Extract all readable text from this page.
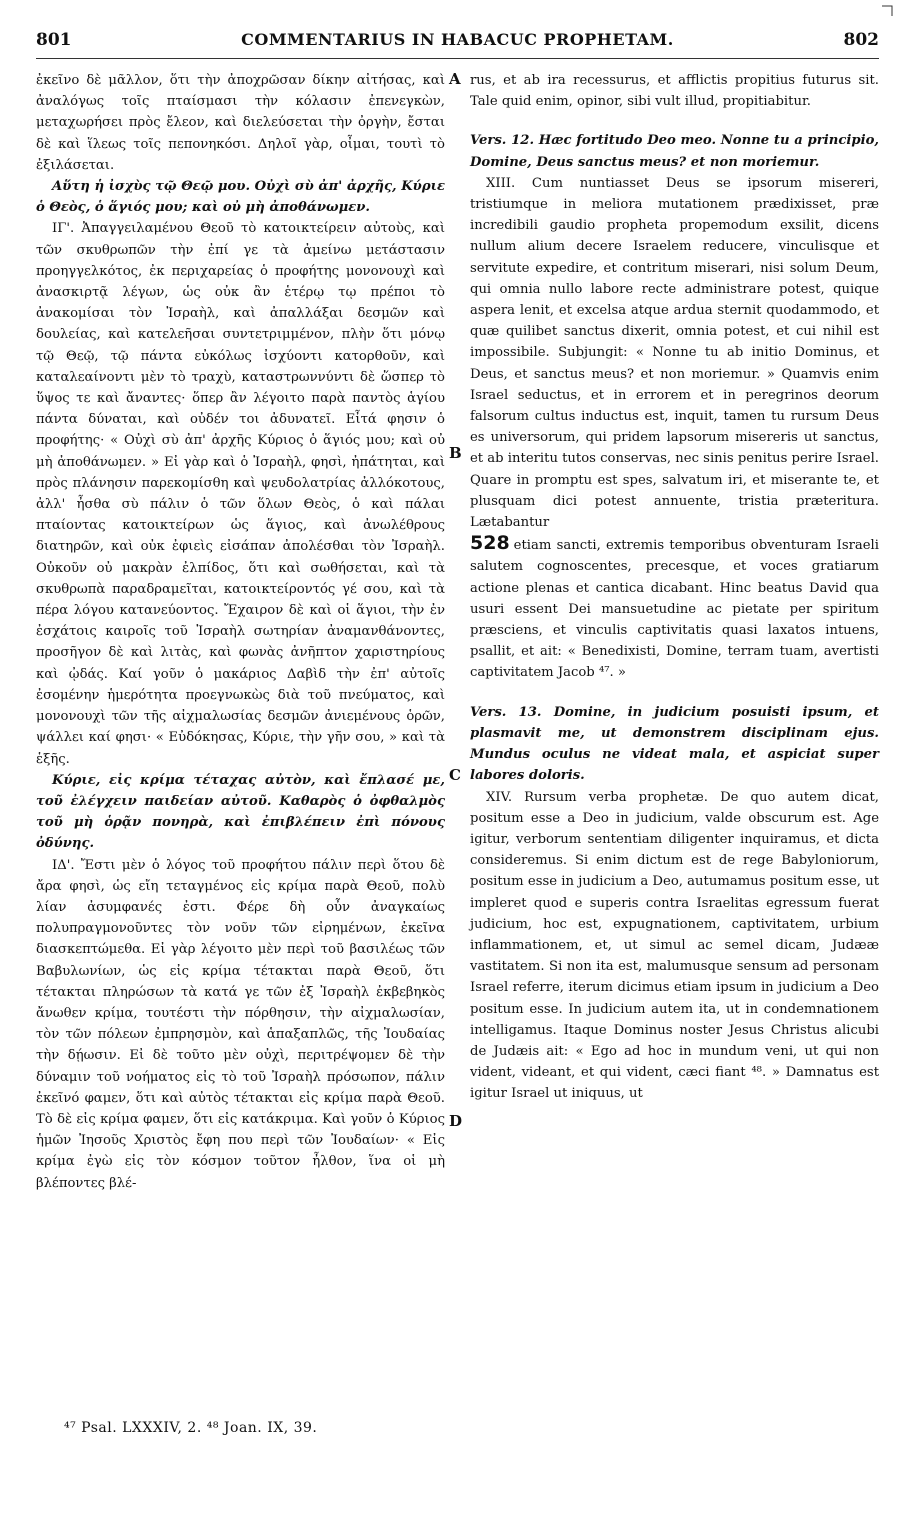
801	COMMENTARIUS IN HABACUC PROPHETAM.	802

ἐκεῖνο δὲ μᾶλλον, ὅτι τὴν ἀποχρῶσαν δίκην αἰτήσας, καὶ ἀναλόγως τοῖς πταίσμασι τὴν κόλασιν ἐπενεγκὼν, μεταχωρήσει πρὸς ἔλεον, καὶ διελεύσεται τὴν ὀργὴν, ἔσται δὲ καὶ ἵλεως τοῖς πεπονηκόσι. Δηλοῖ γὰρ, οἶμαι, τουτὶ τὸ ἐξιλάσεται.

Αὕτη ἡ ἰσχὺς τῷ Θεῷ μου. Οὐχὶ σὺ ἀπ' ἀρχῆς, Κύριε ὁ Θεὸς, ὁ ἅγιός μου; καὶ οὐ μὴ ἀποθάνωμεν.

ΙΓ'. Ἀπαγγειλαμένου Θεοῦ τὸ κατοικτείρειν αὐτοὺς, καὶ τῶν σκυθρωπῶν τὴν ἐπί γε τὰ ἀμείνω μετάστασιν προηγγελκότος, ἐκ περιχαρείας ὁ προφήτης μονονουχὶ καὶ ἀνασκιρτᾷ λέγων, ὡς οὐκ ἂν ἑτέρῳ τῳ πρέποι τὸ ἀνακομίσαι τὸν Ἰσραὴλ, καὶ ἀπαλλάξαι δεσμῶν καὶ δουλείας, καὶ κατελεῆσαι συντετριμμένον, πλὴν ὅτι μόνῳ τῷ Θεῷ, τῷ πάντα εὐκόλως ἰσχύοντι κατορθοῦν, καὶ καταλεαίνοντι μὲν τὸ τραχὺ, καταστρωννύντι δὲ ὥσπερ τὸ ὕψος τε καὶ ἄναντες· ὅπερ ἂν λέγοιτο παρὰ παντὸς ἁγίου πάντα δύναται, καὶ οὐδέν τοι ἀδυνατεῖ. Εἶτά φησιν ὁ προφήτης· « Οὐχὶ σὺ ἀπ' ἀρχῆς Κύριος ὁ ἅγιός μου; καὶ οὐ μὴ ἀποθάνωμεν. » Εἰ γὰρ καὶ ὁ Ἰσραὴλ, φησὶ, ἠπάτηται, καὶ πρὸς πλάνησιν παρεκομίσθη καὶ ψευδολατρίας ἀλλόκοτους, ἀλλ' ἦσθα σὺ πάλιν ὁ τῶν ὅλων Θεὸς, ὁ καὶ πάλαι πταίοντας κατοικτείρων ὡς ἅγιος, καὶ ἀνωλέθρους διατηρῶν, καὶ οὐκ ἐφιεὶς εἰσάπαν ἀπολέσθαι τὸν Ἰσραὴλ. Οὐκοῦν οὐ μακρὰν ἐλπίδος, ὅτι καὶ σωθήσεται, καὶ τὰ σκυθρωπὰ παραδραμεῖται, κατοικτείροντός γέ σου, καὶ τὰ πέρα λόγου κατανεύοντος. Ἔχαιρον δὲ καὶ οἱ ἅγιοι, τὴν ἐν ἐσχάτοις καιροῖς τοῦ Ἰσραὴλ σωτηρίαν ἀναμανθάνοντες, προσῆγον δὲ καὶ λιτὰς, καὶ φωνὰς ἀνῆπτον χαριστηρίους καὶ ᾠδάς. Καί γοῦν ὁ μακάριος Δαβὶδ τὴν ἐπ' αὐτοῖς ἐσομένην ἡμερότητα προεγνωκὼς διὰ τοῦ πνεύματος, καὶ μονονουχὶ τῶν τῆς αἰχμαλωσίας δεσμῶν ἀνιεμένους ὁρῶν, ψάλλει καί φησι· « Εὐδόκησας, Κύριε, τὴν γῆν σου, » καὶ τὰ ἑξῆς.

Κύριε, εἰς κρίμα τέταχας αὐτὸν, καὶ ἔπλασέ με, τοῦ ἐλέγχειν παιδείαν αὐτοῦ. Καθαρὸς ὁ ὀφθαλμὸς τοῦ μὴ ὁρᾷν πονηρὰ, καὶ ἐπιβλέπειν ἐπὶ πόνους ὀδύνης.

ΙΔ'. Ἔστι μὲν ὁ λόγος τοῦ προφήτου πάλιν περὶ ὅτου δὲ ἄρα φησὶ, ὡς εἴη τεταγμένος εἰς κρίμα παρὰ Θεοῦ, πολὺ λίαν ἀσυμφανές ἐστι. Φέρε δὴ οὖν ἀναγκαίως πολυπραγμονοῦντες τὸν νοῦν τῶν εἰρημένων, ἐκεῖνα διασκεπτώμεθα. Εἰ γὰρ λέγοιτο μὲν περὶ τοῦ βασιλέως τῶν Βαβυλωνίων, ὡς εἰς κρίμα τέτακται παρὰ Θεοῦ, ὅτι τέτακται πληρώσων τὰ κατά γε τῶν ἐξ Ἰσραὴλ ἐκβεβηκὸς ἄνωθεν κρίμα, τουτέστι τὴν πόρθησιν, τὴν αἰχμαλωσίαν, τὸν τῶν πόλεων ἐμπρησμὸν, καὶ ἁπαξαπλῶς, τῆς Ἰουδαίας τὴν δῄωσιν. Εἰ δὲ τοῦτο μὲν οὐχὶ, περιτρέψομεν δὲ τὴν δύναμιν τοῦ νοήματος εἰς τὸ τοῦ Ἰσραὴλ πρόσωπον, πάλιν ἐκεῖνό φαμεν, ὅτι καὶ αὐτὸς τέτακται εἰς κρίμα παρὰ Θεοῦ. Τὸ δὲ εἰς κρίμα φαμεν, ὅτι εἰς κατάκριμα. Καὶ γοῦν ὁ Κύριος ἡμῶν Ἰησοῦς Χριστὸς ἔφη που περὶ τῶν Ἰουδαίων· « Εἰς κρίμα ἐγὼ εἰς τὸν κόσμον τοῦτον ἦλθον, ἵνα οἱ μὴ βλέποντες βλέ-

A
B
C
D

rus, et ab ira recessurus, et afflictis propitius futurus sit. Tale quid enim, opinor, sibi vult illud, propitiabitur.

Vers. 12. Hæc fortitudo Deo meo. Nonne tu a principio, Domine, Deus sanctus meus? et non moriemur.

XIII. Cum nuntiasset Deus se ipsorum misereri, tristiumque in meliora mutationem prædixisset, præ incredibili gaudio propheta propemodum exsilit, dicens nullum alium decere Israelem reducere, vinculisque et servitute expedire, et contritum miserari, nisi solum Deum, qui omnia nullo labore recte administrare potest, quique aspera lenit, et excelsa atque ardua sternit quodammodo, et quæ quilibet sanctus dixerit, omnia potest, et cui nihil est impossibile. Subjungit: « Nonne tu ab initio Dominus, et Deus, et sanctus meus? et non moriemur. » Quamvis enim Israel seductus, et in errorem et in peregrinos deorum falsorum cultus inductus est, inquit, tamen tu rursum Deus es universorum, qui pridem lapsorum misereris ut sanctus, et ab interitu tutos conservas, nec sinis penitus perire Israel. Quare in promptu est spes, salvatum iri, et miserante te, et plusquam dici potest annuente, tristia præteritura. Lætabantur

528 etiam sancti, extremis temporibus obventuram Israeli salutem cognoscentes, precesque, et voces gratiarum actione plenas et cantica dicabant. Hinc beatus David qua usuri essent Dei mansuetudine ac pietate per spiritum præsciens, et vinculis captivitatis quasi laxatos intuens, psallit, et ait: « Benedixisti, Domine, terram tuam, avertisti captivitatem Jacob ⁴⁷. »

Vers. 13. Domine, in judicium posuisti ipsum, et plasmavit me, ut demonstrem disciplinam ejus. Mundus oculus ne videat mala, et aspiciat super labores doloris.

XIV. Rursum verba prophetæ. De quo autem dicat, positum esse a Deo in judicium, valde obscurum est. Age igitur, verborum sententiam diligenter inquiramus, et dicta consideremus. Si enim dictum est de rege Babyloniorum, positum esse in judicium a Deo, autumamus positum esse, ut impleret quod e superis contra Israelitas egressum fuerat judicium, hoc est, expugnationem, captivitatem, urbium inflammationem, et, ut simul ac semel dicam, Judææ vastitatem. Si non ita est, malumusque sensum ad personam Israel referre, iterum dicimus etiam ipsum in judicium a Deo positum esse. In judicium autem ita, ut in condemnationem intelligamus. Itaque Dominus noster Jesus Christus alicubi de Judæis ait: « Ego ad hoc in mundum veni, ut qui non vident, videant, et qui vident, cæci fiant ⁴⁸. » Damnatus est igitur Israel ut iniquus, ut

⁴⁷ Psal. LXXXIV, 2. ⁴⁸ Joan. IX, 39.
